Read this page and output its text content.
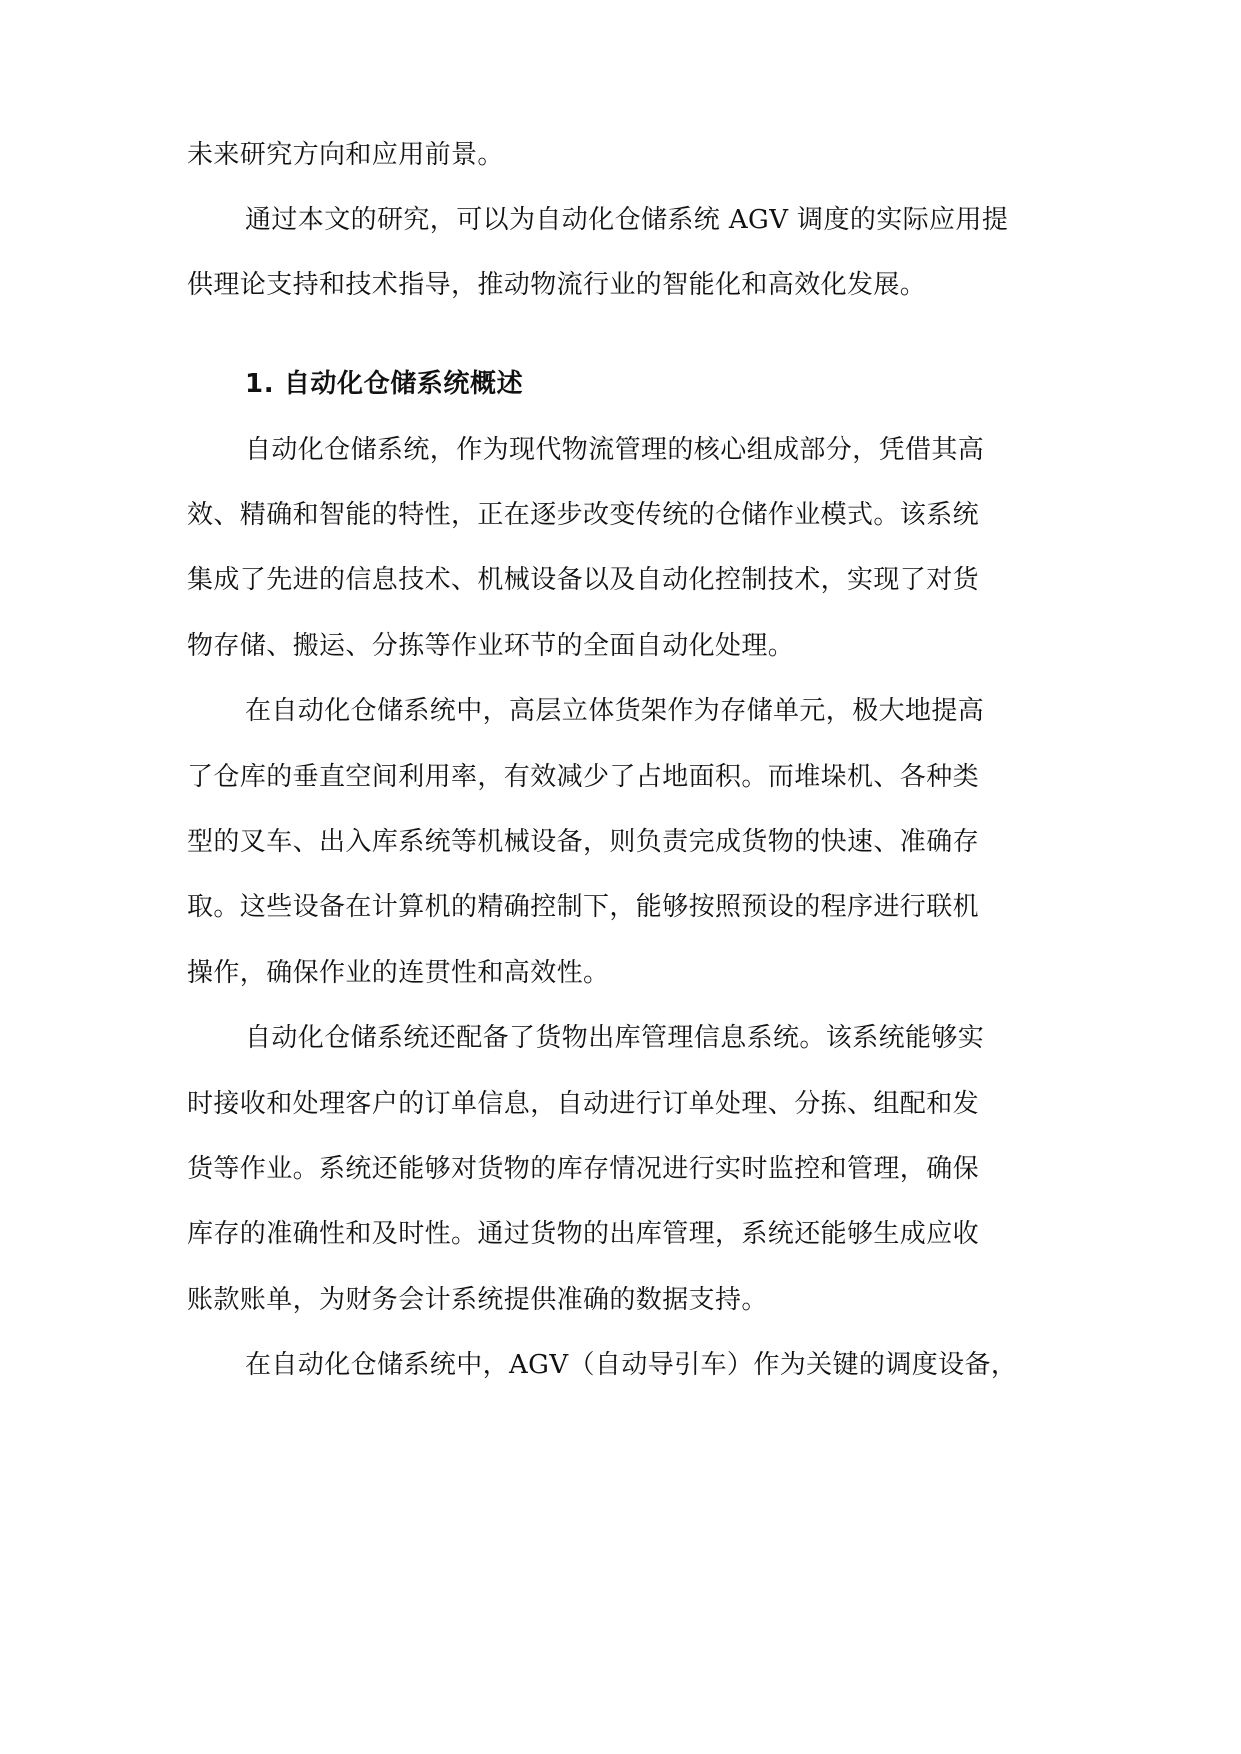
未来研究方向和应用前景。

通过本文的研究，可以为自动化仓储系统 AGV 调度的实际应用提

供理论支持和技术指导，推动物流行业的智能化和高效化发展。

1. 自动化仓储系统概述

自动化仓储系统，作为现代物流管理的核心组成部分，凭借其高

效、精确和智能的特性，正在逐步改变传统的仓储作业模式。该系统

集成了先进的信息技术、机械设备以及自动化控制技术，实现了对货

物存储、搬运、分拣等作业环节的全面自动化处理。

在自动化仓储系统中，高层立体货架作为存储单元，极大地提高

了仓库的垂直空间利用率，有效减少了占地面积。而堆垛机、各种类

型的叉车、出入库系统等机械设备，则负责完成货物的快速、准确存

取。这些设备在计算机的精确控制下，能够按照预设的程序进行联机

操作，确保作业的连贯性和高效性。

自动化仓储系统还配备了货物出库管理信息系统。该系统能够实

时接收和处理客户的订单信息，自动进行订单处理、分拣、组配和发

货等作业。系统还能够对货物的库存情况进行实时监控和管理，确保

库存的准确性和及时性。通过货物的出库管理，系统还能够生成应收

账款账单，为财务会计系统提供准确的数据支持。

在自动化仓储系统中，AGV（自动导引车）作为关键的调度设备，
